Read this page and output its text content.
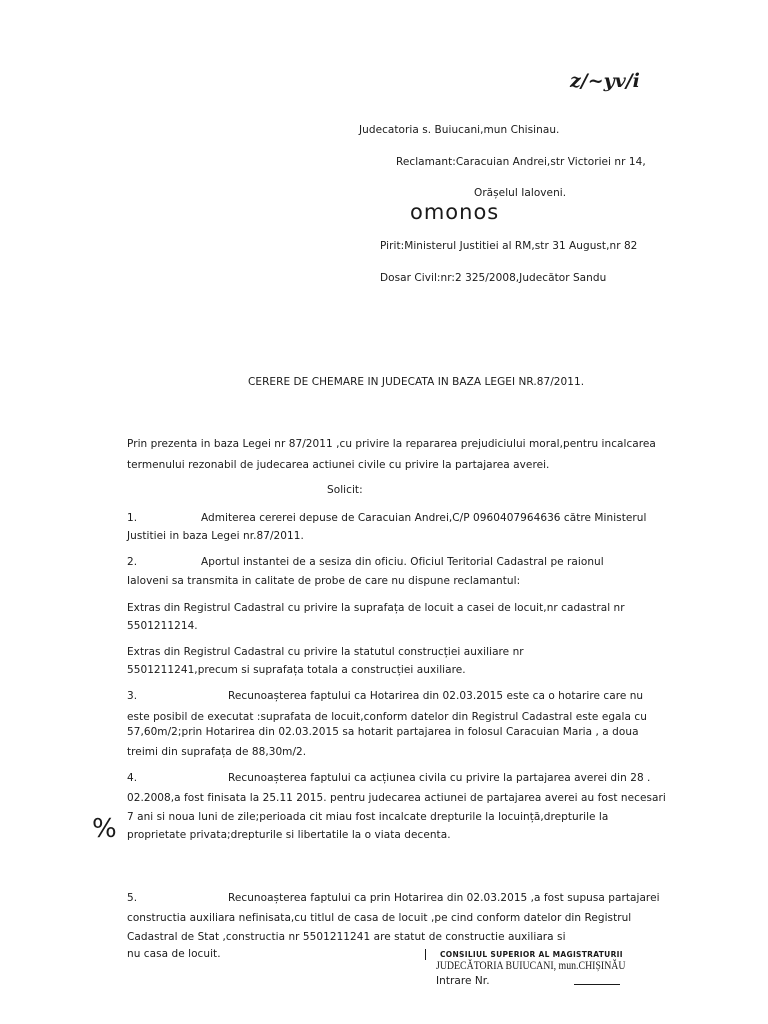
z/~yv/i
Judecatoria s. Buiucani,mun Chisinau.
Reclamant:Caracuian Andrei,str Victoriei nr 14,
Orășelul Ialoveni.
omonos
Pirit:Ministerul Justitiei al RM,str 31 August,nr 82
Dosar Civil:nr:2 325/2008,Judecător Sandu
CERERE DE CHEMARE IN JUDECATA IN BAZA LEGEI NR.87/2011.
Prin prezenta in baza Legei nr 87/2011 ,cu privire la repararea prejudiciului moral,pentru incalcarea
termenului rezonabil de judecarea actiunei civile cu privire la partajarea averei.
Solicit:
1.	Admiterea cererei depuse de Caracuian Andrei,C/P 0960407964636 către Ministerul
Justitiei in baza Legei nr.87/2011.
2.	Aportul instantei de a sesiza din oficiu. Oficiul Teritorial Cadastral pe raionul
Ialoveni sa transmita in calitate de probe de care nu dispune reclamantul:
Extras din Registrul Cadastral cu privire la suprafața de locuit a casei de locuit,nr cadastral nr
5501211214.
Extras din Registrul Cadastral cu privire la statutul construcției auxiliare nr
5501211241,precum si suprafața totala a construcției auxiliare.
3.	Recunoașterea faptului ca Hotarirea din 02.03.2015 este ca o hotarire care nu
este posibil de executat :suprafata de locuit,conform datelor din Registrul Cadastral este egala cu
57,60m/2;prin Hotarirea din 02.03.2015 sa hotarit partajarea in folosul Caracuian Maria , a doua
treimi din suprafața de 88,30m/2.
4.	Recunoașterea faptului ca acțiunea civila cu privire la partajarea averei din 28 .
02.2008,a fost finisata la 25.11 2015. pentru judecarea actiunei de partajarea averei au fost necesari
7 ani si noua luni de zile;perioada cit miau fost incalcate drepturile la locuință,drepturile la
proprietate privata;drepturile si libertatile la o viata decenta.
%
5.	Recunoașterea faptului ca prin Hotarirea din 02.03.2015 ,a fost supusa partajarei
constructia auxiliara nefinisata,cu titlul de casa de locuit ,pe cind conform datelor din Registrul
Cadastral de Stat ,constructia nr 5501211241 are statut de constructie auxiliara si
nu casa de locuit.	CONSILIUL SUPERIOR AL MAGISTRATURII
JUDECĂTORIA BUIUCANI, mun.CHIȘINĂU
Intrare Nr.
